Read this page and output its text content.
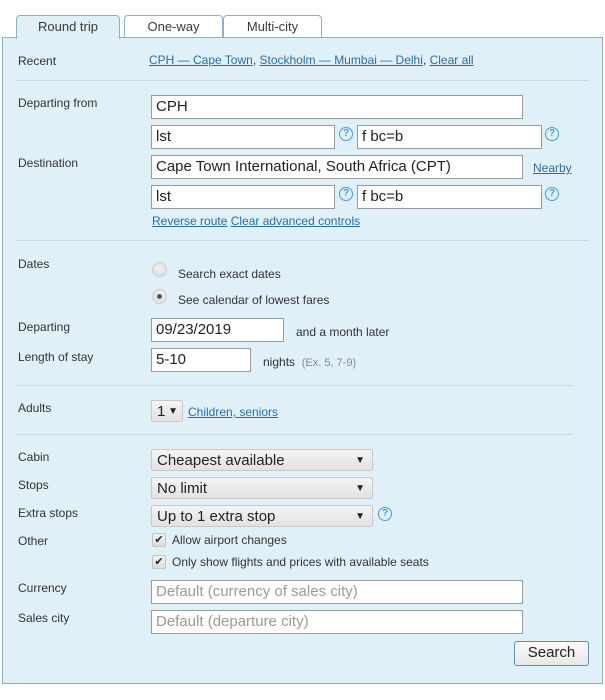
Round trip	One-way	Multi-city
Recent	CPH — Cape Town, Stockholm — Mumbai — Delhi, Clear all
Departing from	CPH
lst	? f bc=b	?
Destination	Cape Town International, South Africa (CPT)	Nearby
lst	? f bc=b	?
Reverse route Clear advanced controls
Dates
Search exact dates
See calendar of lowest fares
Departing	09/23/2019	and a month later
Length of stay	5-10	nights (Ex. 5, 7-9)
Adults	1 ▼ Children, seniors
Cabin	Cheapest available	▼
Stops	No limit	▼
Extra stops	Up to 1 extra stop	▼	?
Other	✔ Allow airport changes
✔ Only show flights and prices with available seats
Currency	Default (currency of sales city)
Sales city	Default (departure city)
Search
